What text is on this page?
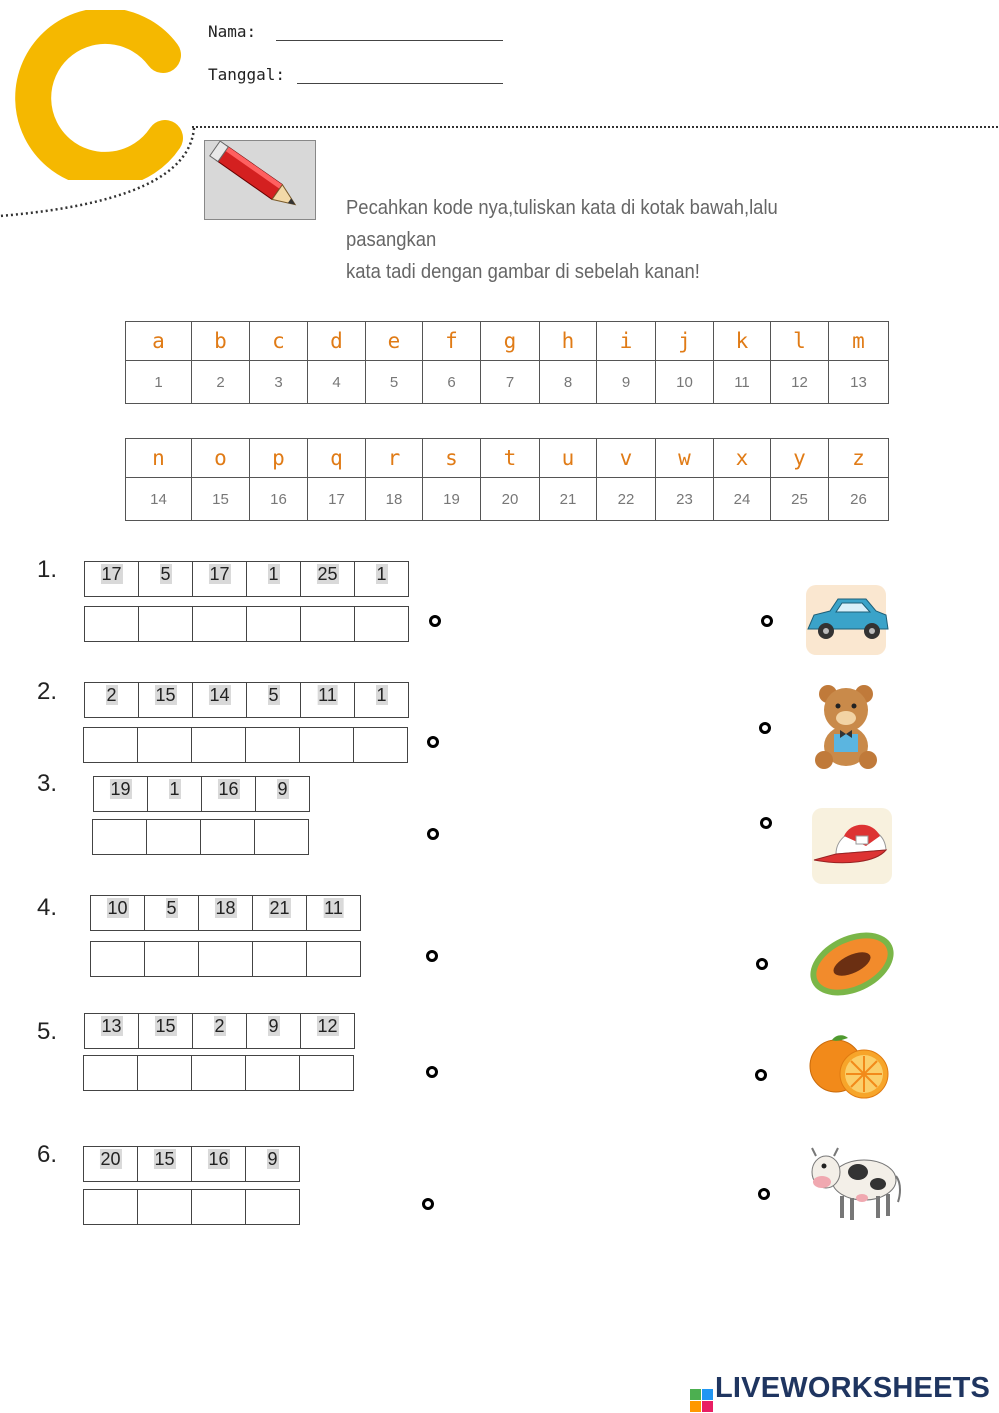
Nama:
Tanggal:
Pecahkan kode nya,tuliskan kata di kotak bawah,lalu pasangkan
kata tadi dengan gambar di sebelah kanan!
a	b	c	d	e	f	g	h	i	j	k	l	m
1	2	3	4	5	6	7	8	9	10	11	12	13
n	o	p	q	r	s	t	u	v	w	x	y	z
14	15	16	17	18	19	20	21	22	23	24	25	26
1. 17 5 17 1 25 1
2.	2 15 14 5 11 1
3.	19 1 16 9
4.	10 5 18 21 11
5. 13 15 2 9 12
6. 20 15 16 9
LIVEWORKSHEETS
